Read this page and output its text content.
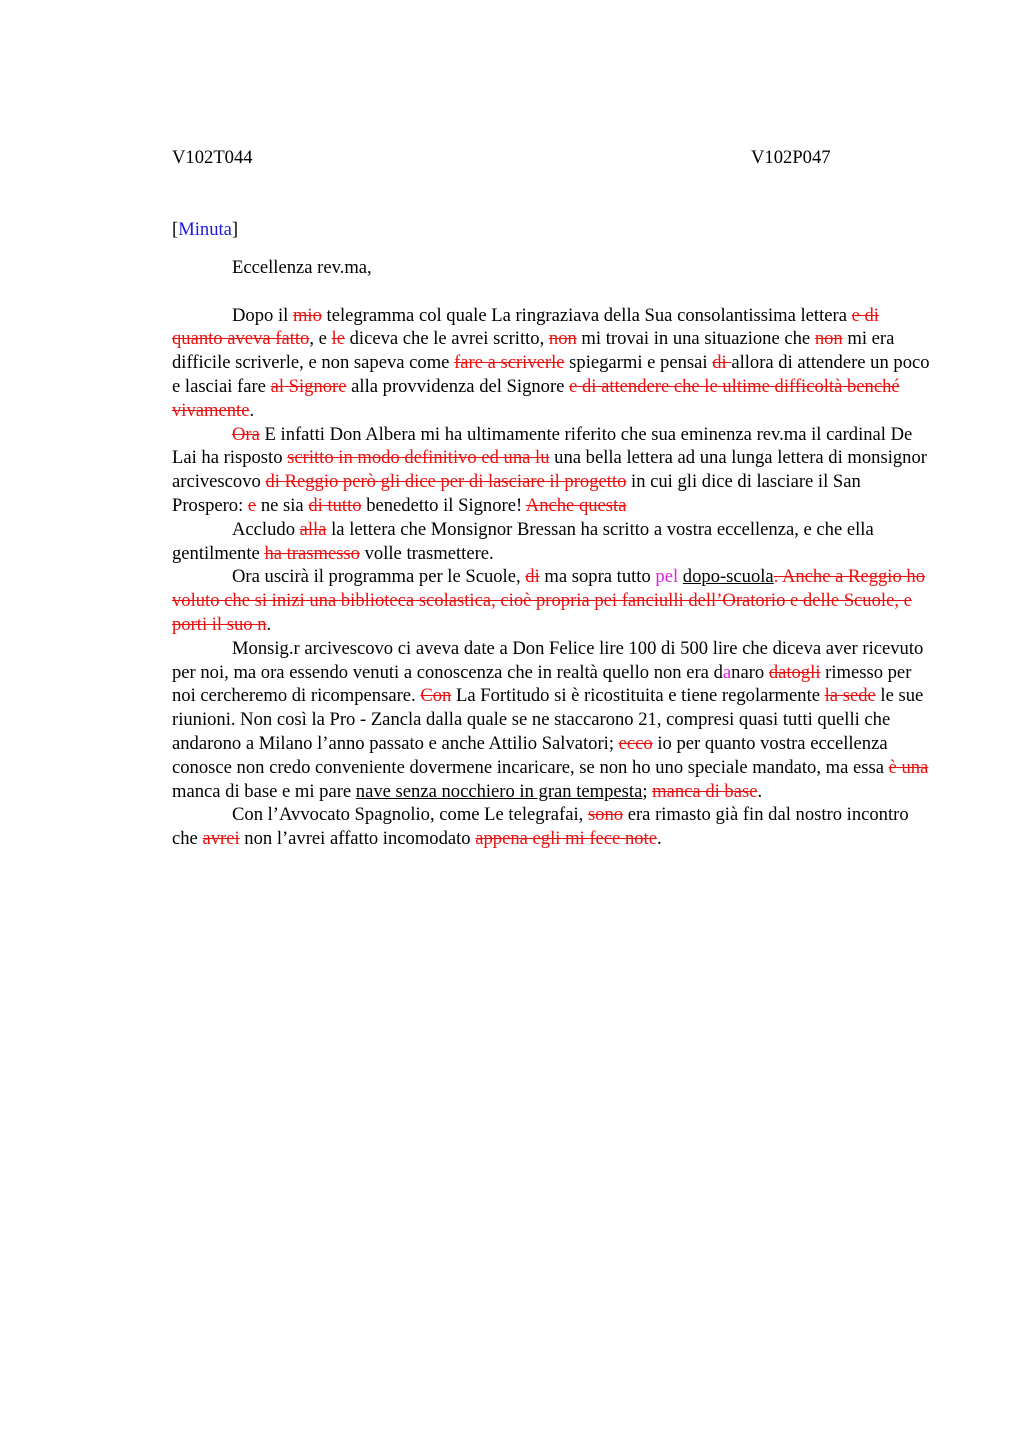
V102T044	V102P047
[Minuta]
Eccellenza rev.ma,

Dopo il mio telegramma col quale La ringraziava della Sua consolantissima lettera e di quanto aveva fatto, e le diceva che le avrei scritto, non mi trovai in una situazione che non mi era difficile scriverle, e non sapeva come fare a scriverle spiegarmi e pensai di allora di attendere un poco e lasciai fare al Signore alla provvidenza del Signore e di attendere che le ultime difficoltà benché vivamente.

Ora E infatti Don Albera mi ha ultimamente riferito che sua eminenza rev.ma il cardinal De Lai ha risposto scritto in modo definitivo ed una lu una bella lettera ad una lunga lettera di monsignor arcivescovo di Reggio però gli dice per di lasciare il progetto in cui gli dice di lasciare il San Prospero: e ne sia di tutto benedetto il Signore! Anche questa

Accludo alla la lettera che Monsignor Bressan ha scritto a vostra eccellenza, e che ella gentilmente ha trasmesso volle trasmettere.

Ora uscirà il programma per le Scuole, di ma sopra tutto pel dopo-scuola. Anche a Reggio ho voluto che si inizi una biblioteca scolastica, cioè propria pei fanciulli dell’Oratorio e delle Scuole, e porti il suo n.

Monsig.r arcivescovo ci aveva date a Don Felice lire 100 di 500 lire che diceva aver ricevuto per noi, ma ora essendo venuti a conoscenza che in realtà quello non era danaro datogli rimesso per noi cercheremo di ricompensare. Con La Fortitudo si è ricostituita e tiene regolarmente la sede le sue riunioni. Non così la Pro - Zancla dalla quale se ne staccarono 21, compresi quasi tutti quelli che andarono a Milano l’anno passato e anche Attilio Salvatori; ecco io per quanto vostra eccellenza conosce non credo conveniente dovermene incaricare, se non ho uno speciale mandato, ma essa è una manca di base e mi pare nave senza nocchiero in gran tempesta; manca di base.

Con l’Avvocato Spagnolio, come Le telegrafai, sono era rimasto già fin dal nostro incontro che avrei non l’avrei affatto incomodato appena egli mi fece note.
